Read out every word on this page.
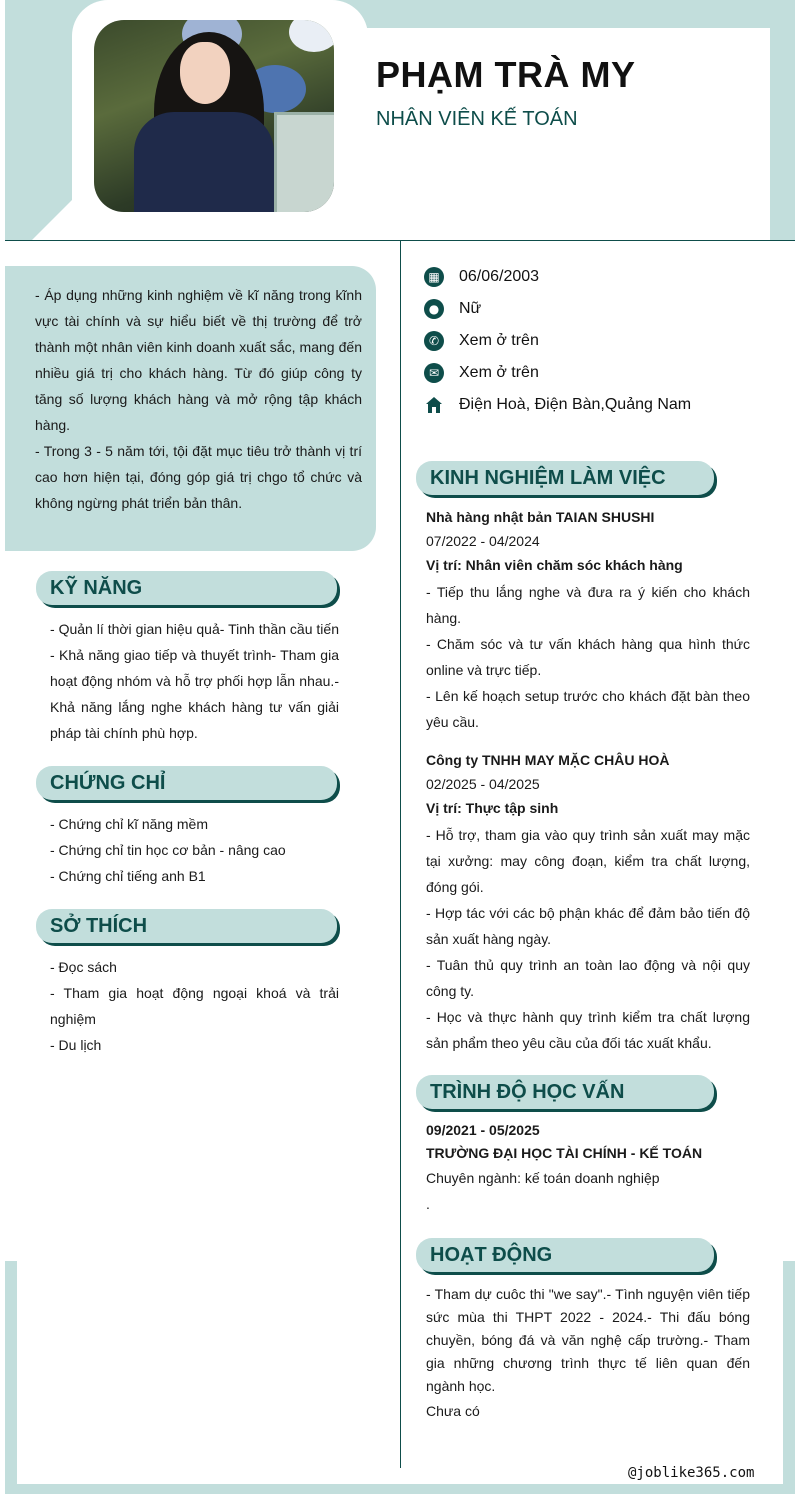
PHẠM TRÀ MY
NHÂN VIÊN KẾ TOÁN

- Áp dụng những kinh nghiệm về kĩ năng trong kĩnh vực tài chính và sự hiểu biết về thị trường để trở thành một nhân viên kinh doanh xuất sắc, mang đến nhiều giá trị cho khách hàng. Từ đó giúp công ty tăng số lượng khách hàng và mở rộng tập khách hàng.

- Trong 3 - 5 năm tới, tội đặt mục tiêu trở thành vị trí cao hơn hiện tại, đóng góp giá trị chgo tổ chức và không ngừng phát triển bản thân.

KỸ NĂNG
- Quản lí thời gian hiệu quả- Tinh thần cầu tiến - Khả năng giao tiếp và thuyết trình- Tham gia hoạt động nhóm và hỗ trợ phối hợp lẫn nhau.- Khả năng lắng nghe khách hàng tư vấn giải pháp tài chính phù hợp.
CHỨNG CHỈ
- Chứng chỉ kĩ năng mềm
- Chứng chỉ tin học cơ bản - nâng cao
- Chứng chỉ tiếng anh B1
SỞ THÍCH
- Đọc sách
- Tham gia hoạt động ngoại khoá và trải nghiệm
- Du lịch
▦ 06/06/2003
● Nữ
✆	Xem ở trên
✉	Xem ở trên
Điện Hoà, Điện Bàn,Quảng Nam
KINH NGHIỆM LÀM VIỆC
Nhà hàng nhật bản TAIAN SHUSHI
07/2022 - 04/2024
Vị trí: Nhân viên chăm sóc khách hàng
- Tiếp thu lắng nghe và đưa ra ý kiến cho khách hàng.
- Chăm sóc và tư vấn khách hàng qua hình thức online và trực tiếp.
- Lên kế hoạch setup trước cho khách đặt bàn theo yêu cầu.
Công ty TNHH MAY MẶC CHÂU HOÀ
02/2025 - 04/2025
Vị trí: Thực tập sinh
- Hỗ trợ, tham gia vào quy trình sản xuất may mặc tại xưởng: may công đoạn, kiểm tra chất lượng, đóng gói.
- Hợp tác với các bộ phận khác để đảm bảo tiến độ sản xuất hàng ngày.
- Tuân thủ quy trình an toàn lao động và nội quy công ty.
- Học và thực hành quy trình kiểm tra chất lượng sản phẩm theo yêu cầu của đối tác xuất khẩu.
TRÌNH ĐỘ HỌC VẤN
09/2021 - 05/2025
TRƯỜNG ĐẠI HỌC TÀI CHÍNH - KẾ TOÁN
Chuyên ngành: kế toán doanh nghiệp
.
HOẠT ĐỘNG
- Tham dự cuôc thi "we say".- Tình nguyện viên tiếp sức mùa thi THPT 2022 - 2024.- Thi đấu bóng chuyền, bóng đá và văn nghệ cấp trường.- Tham gia những chương trình thực tế liên quan đến ngành học.
Chưa có
@joblike365.com
